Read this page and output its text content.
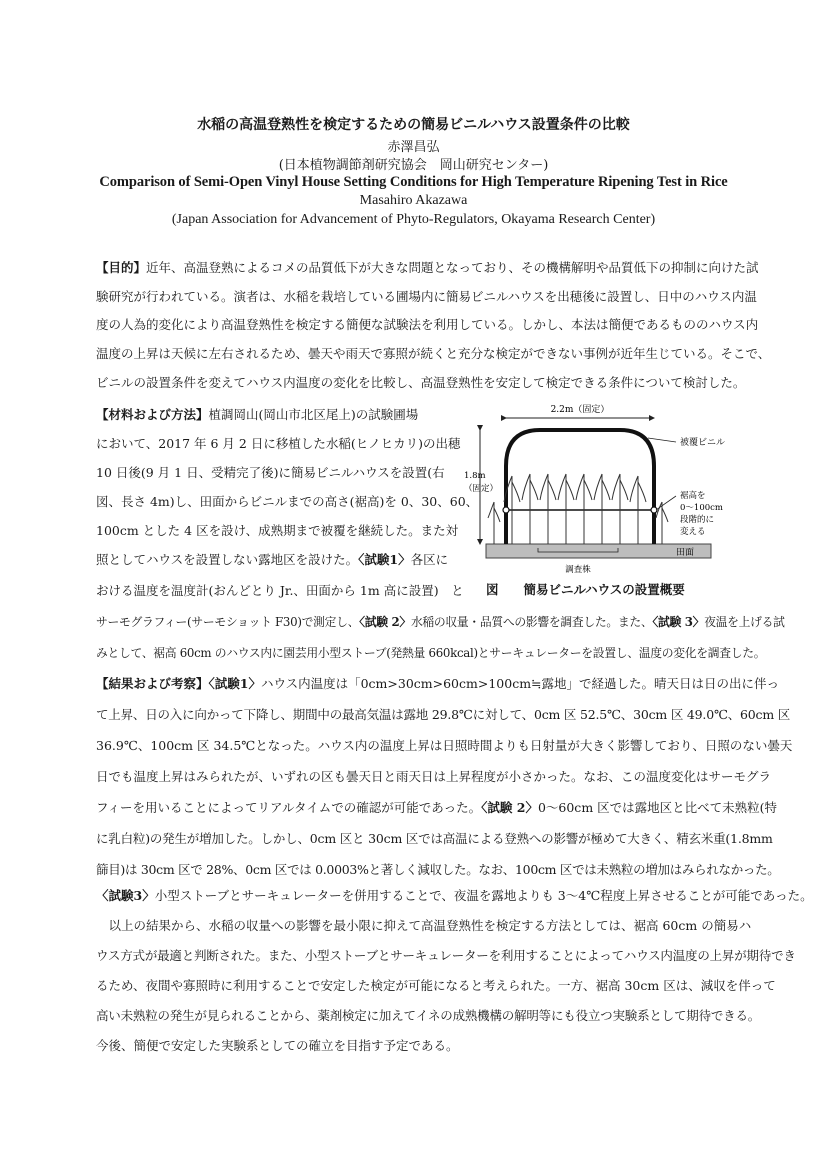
水稲の高温登熟性を検定するための簡易ビニルハウス設置条件の比較
赤澤昌弘
(日本植物調節剤研究協会　岡山研究センター)
Comparison of Semi-Open Vinyl House Setting Conditions for High Temperature Ripening Test in Rice
Masahiro Akazawa
(Japan Association for Advancement of Phyto-Regulators, Okayama Research Center)
【目的】近年、高温登熟によるコメの品質低下が大きな問題となっており、その機構解明や品質低下の抑制に向けた試
験研究が行われている。演者は、水稲を栽培している圃場内に簡易ビニルハウスを出穂後に設置し、日中のハウス内温
度の人為的変化により高温登熟性を検定する簡便な試験法を利用している。しかし、本法は簡便であるもののハウス内
温度の上昇は天候に左右されるため、曇天や雨天で寡照が続くと充分な検定ができない事例が近年生じている。そこで、
ビニルの設置条件を変えてハウス内温度の変化を比較し、高温登熟性を安定して検定できる条件について検討した。
【材料および方法】植調岡山(岡山市北区尾上)の試験圃場
において、2017 年 6 月 2 日に移植した水稲(ヒノヒカリ)の出穂
10 日後(9 月 1 日、受精完了後)に簡易ビニルハウスを設置(右
図、長さ 4m)し、田面からビニルまでの高さ(裾高)を 0、30、60、
100cm とした 4 区を設け、成熟期まで被覆を継続した。また対
照としてハウスを設置しない露地区を設けた。〈試験1〉各区に
おける温度を温度計(おんどとり Jr.、田面から 1m 高に設置)　と
サーモグラフィー(サーモショット F30)で測定し、〈試験 2〉水稲の収量・品質への影響を調査した。また、〈試験 3〉夜温を上げる試
みとして、裾高 60cm のハウス内に園芸用小型ストーブ(発熱量 660kcal)とサーキュレーターを設置し、温度の変化を調査した。
【結果および考察】〈試験1〉ハウス内温度は「0cm>30cm>60cm>100cm≒露地」で経過した。晴天日は日の出に伴っ
て上昇、日の入に向かって下降し、期間中の最高気温は露地 29.8℃に対して、0cm 区 52.5℃、30cm 区 49.0℃、60cm 区
36.9℃、100cm 区 34.5℃となった。ハウス内の温度上昇は日照時間よりも日射量が大きく影響しており、日照のない曇天
日でも温度上昇はみられたが、いずれの区も曇天日と雨天日は上昇程度が小さかった。なお、この温度変化はサーモグラ
フィーを用いることによってリアルタイムでの確認が可能であった。〈試験 2〉0～60cm 区では露地区と比べて未熟粒(特
に乳白粒)の発生が増加した。しかし、0cm 区と 30cm 区では高温による登熟への影響が極めて大きく、精玄米重(1.8mm
篩目)は 30cm 区で 28%、0cm 区では 0.0003%と著しく減収した。なお、100cm 区では未熟粒の増加はみられなかった。
〈試験3〉小型ストーブとサーキュレーターを併用することで、夜温を露地よりも 3～4℃程度上昇させることが可能であった。
　以上の結果から、水稲の収量への影響を最小限に抑えて高温登熟性を検定する方法としては、裾高 60cm の簡易ハ
ウス方式が最適と判断された。また、小型ストーブとサーキュレーターを利用することによってハウス内温度の上昇が期待でき
るため、夜間や寡照時に利用することで安定した検定が可能になると考えられた。一方、裾高 30cm 区は、減収を伴って
高い未熟粒の発生が見られることから、薬剤検定に加えてイネの成熟機構の解明等にも役立つ実験系として期待できる。
今後、簡便で安定した実験系としての確立を目指す予定である。
2.2m（固定）
1.8m
（固定）
田面
被覆ビニル
裾高を
0～100cm
段階的に
変える
調査株
図　　簡易ビニルハウスの設置概要
